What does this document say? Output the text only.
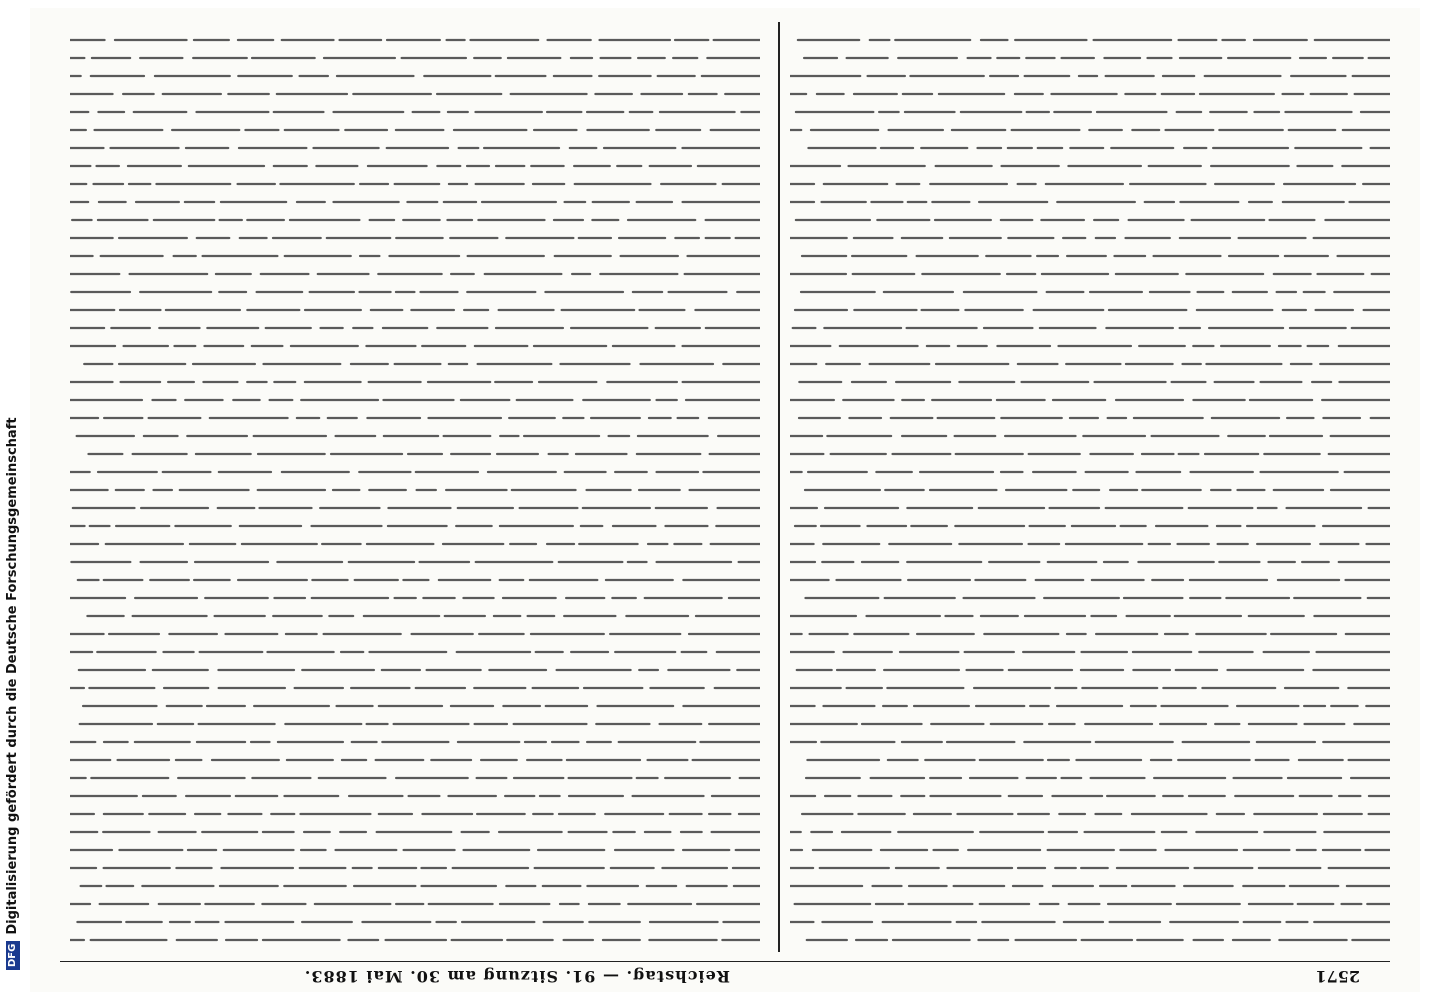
DFGDigitalisierung gefördert durch die Deutsche Forschungsgemeinschaft
Reichstag. — 91. Sitzung am 30. Mai 1883.	2571
